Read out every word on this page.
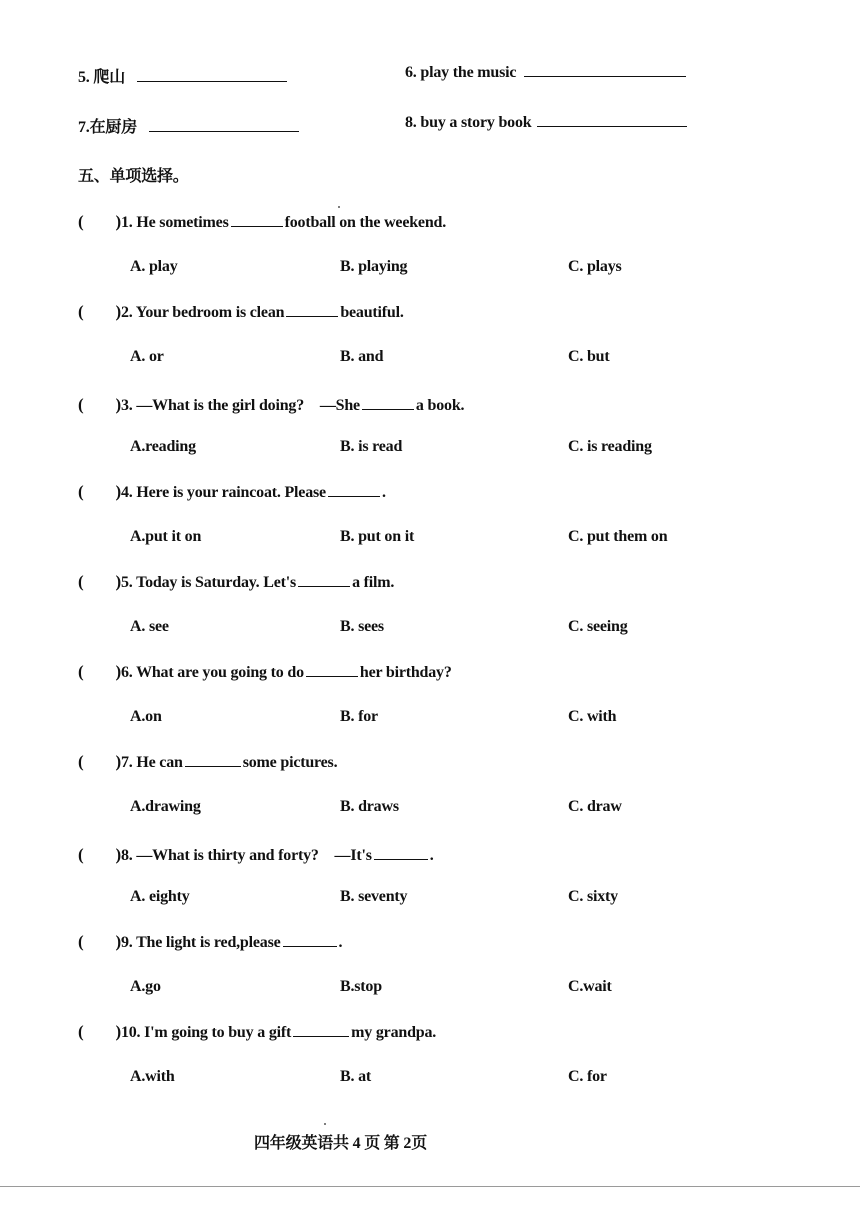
5. 爬山	6. play the music
7.在厨房	8. buy a story book
五、单项选择。
( )1. He sometimes	football on the weekend.
A. play	B. playing	C. plays
( )2. Your bedroom is clean	beautiful.
A. or	B. and	C. but
( )3. —What is the girl doing?　—She	a book.
A.reading	B. is read	C. is reading
( )4. Here is your raincoat. Please	.
A.put it on	B. put on it	C. put them on
( )5. Today is Saturday. Let's	a film.
A. see	B. sees	C. seeing
( )6. What are you going to do	her birthday?
A.on	B. for	C. with
( )7. He can	some pictures.
A.drawing	B. draws	C. draw
( )8. —What is thirty and forty?　—It's	.
A. eighty	B. seventy	C. sixty
( )9. The light is red,please	.
A.go	B.stop	C.wait
( )10. I'm going to buy a gift	my grandpa.
A.with	B. at	C. for
四年级英语共 4 页 第 2页
